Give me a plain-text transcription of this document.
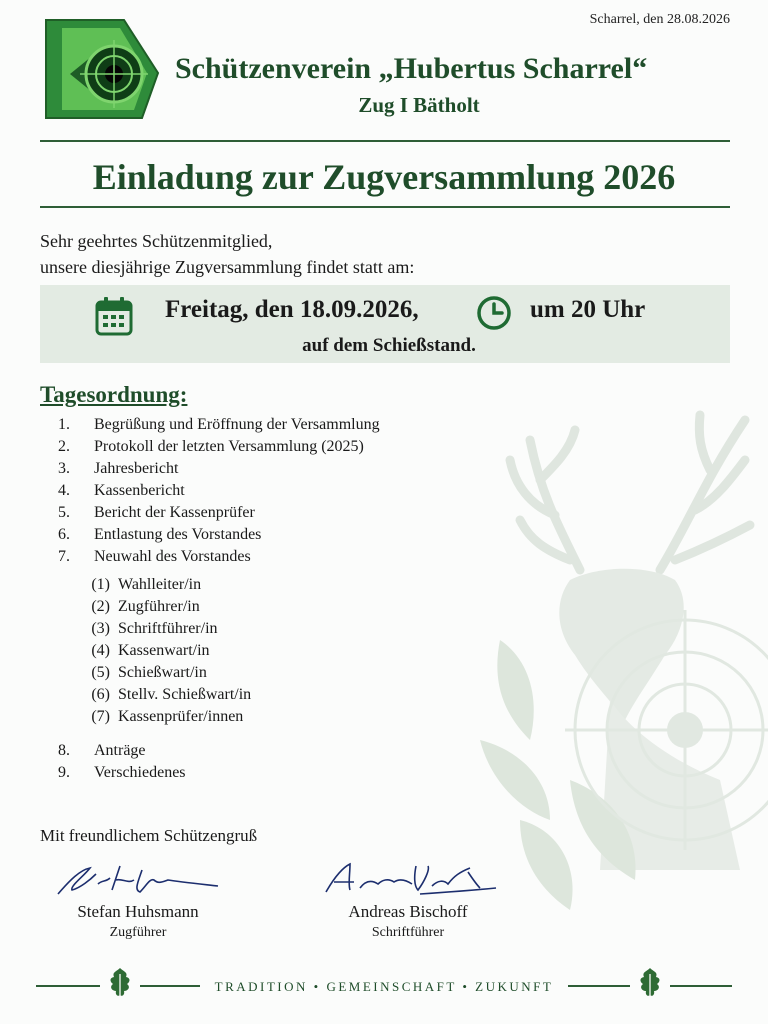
Scharrel, den 28.08.2026
Schützenverein „Hubertus Scharrel“
Zug I Bätholt
Einladung zur Zugversammlung 2026
Sehr geehrtes Schützenmitglied,
unsere diesjährige Zugversammlung findet statt am:
Freitag, den 18.09.2026,	um 20 Uhr
auf dem Schießstand.
Tagesordnung:
1. Begrüßung und Eröffnung der Versammlung
2. Protokoll der letzten Versammlung (2025)
3. Jahresbericht
4. Kassenbericht
5. Bericht der Kassenprüfer
6. Entlastung des Vorstandes
7. Neuwahl des Vorstandes
(1) Wahlleiter/in
(2) Zugführer/in
(3) Schriftführer/in
(4) Kassenwart/in
(5) Schießwart/in
(6) Stellv. Schießwart/in
(7) Kassenprüfer/innen
8. Anträge
9. Verschiedenes
Mit freundlichem Schützengruß
Stefan Huhsmann
Zugführer
Andreas Bischoff
Schriftführer
TRADITION • GEMEINSCHAFT • ZUKUNFT
